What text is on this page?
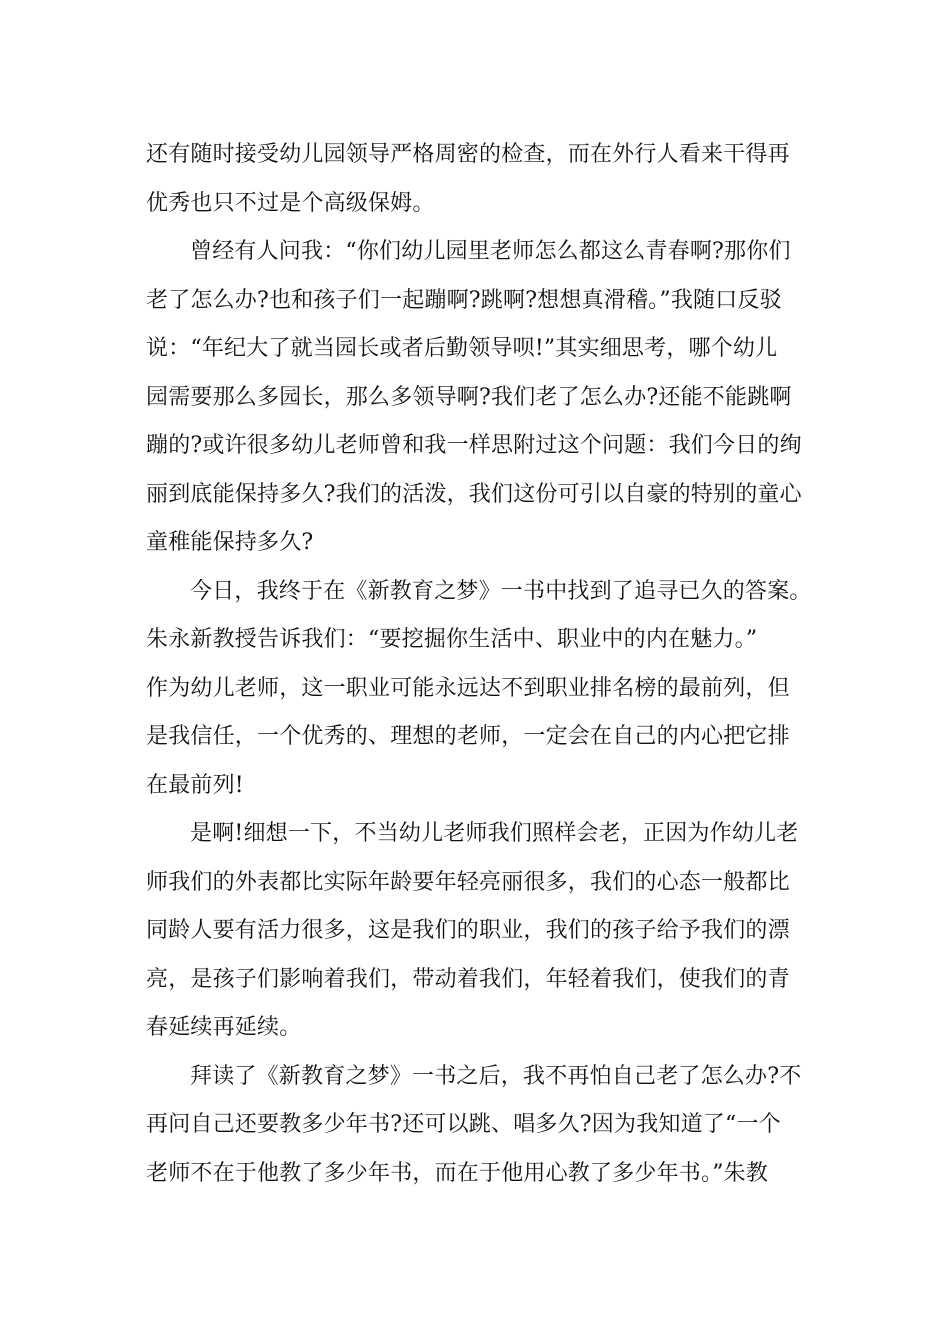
还有随时接受幼儿园领导严格周密的检查，而在外行人看来干得再
优秀也只不过是个高级保姆。
曾经有人问我：“你们幼儿园里老师怎么都这么青春啊?那你们
老了怎么办?也和孩子们一起蹦啊?跳啊?想想真滑稽。”我随口反驳
说：“年纪大了就当园长或者后勤领导呗!”其实细思考，哪个幼儿
园需要那么多园长，那么多领导啊?我们老了怎么办?还能不能跳啊
蹦的?或许很多幼儿老师曾和我一样思附过这个问题：我们今日的绚
丽到底能保持多久?我们的活泼，我们这份可引以自豪的特别的童心
童稚能保持多久?
今日，我终于在《新教育之梦》一书中找到了追寻已久的答案。
朱永新教授告诉我们：“要挖掘你生活中、职业中的内在魅力。”
作为幼儿老师，这一职业可能永远达不到职业排名榜的最前列，但
是我信任，一个优秀的、理想的老师，一定会在自己的内心把它排
在最前列!
是啊!细想一下，不当幼儿老师我们照样会老，正因为作幼儿老
师我们的外表都比实际年龄要年轻亮丽很多，我们的心态一般都比
同龄人要有活力很多，这是我们的职业，我们的孩子给予我们的漂
亮，是孩子们影响着我们，带动着我们，年轻着我们，使我们的青
春延续再延续。
拜读了《新教育之梦》一书之后，我不再怕自己老了怎么办?不
再问自己还要教多少年书?还可以跳、唱多久?因为我知道了“一个
老师不在于他教了多少年书，而在于他用心教了多少年书。”朱教
